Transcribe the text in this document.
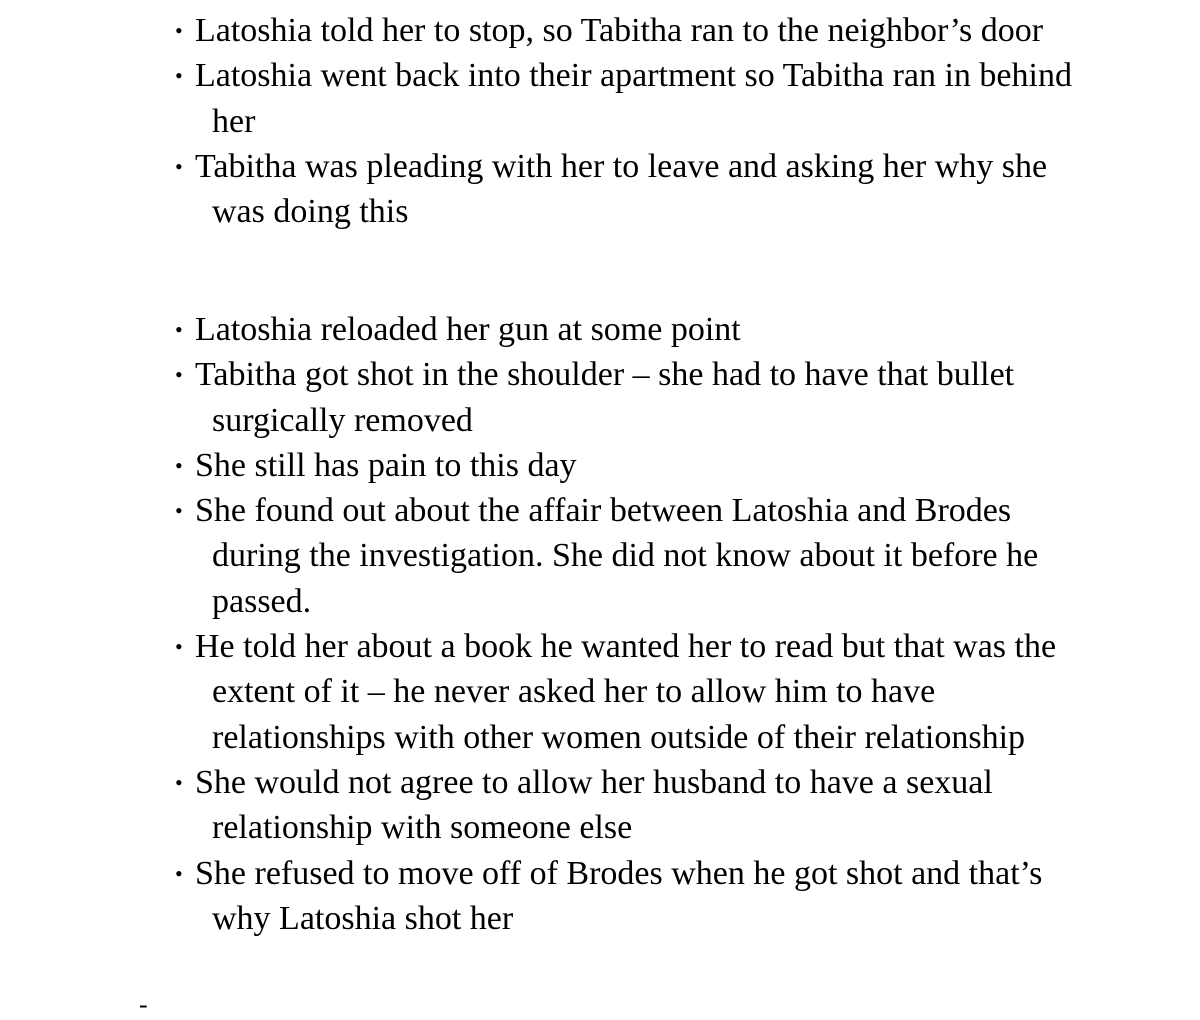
• Latoshia told her to stop, so Tabitha ran to the neighbor’s door
• Latoshia went back into their apartment so Tabitha ran in behind her
• Tabitha was pleading with her to leave and asking her why she was doing this
• Latoshia reloaded her gun at some point
• Tabitha got shot in the shoulder – she had to have that bullet surgically removed
• She still has pain to this day
• She found out about the affair between Latoshia and Brodes during the investigation. She did not know about it before he passed.
• He told her about a book he wanted her to read but that was the extent of it – he never asked her to allow him to have relationships with other women outside of their relationship
• She would not agree to allow her husband to have a sexual relationship with someone else
• She refused to move off of Brodes when he got shot and that’s why Latoshia shot her
-
